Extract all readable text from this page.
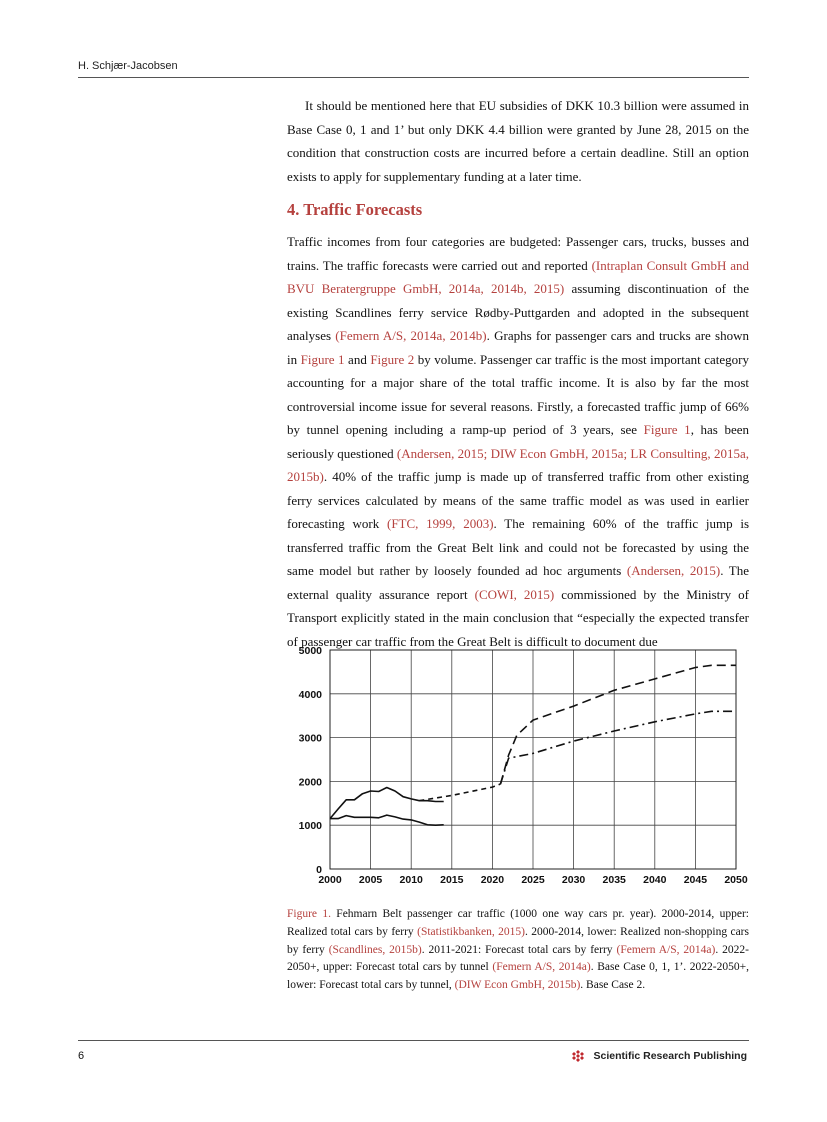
H. Schjær-Jacobsen

It should be mentioned here that EU subsidies of DKK 10.3 billion were assumed in Base Case 0, 1 and 1’ but only DKK 4.4 billion were granted by June 28, 2015 on the condition that construction costs are incurred before a certain deadline. Still an option exists to apply for supplementary funding at a later time.

4. Traffic Forecasts

Traffic incomes from four categories are budgeted: Passenger cars, trucks, busses and trains. The traffic forecasts were carried out and reported (Intraplan Consult GmbH and BVU Beratergruppe GmbH, 2014a, 2014b, 2015) assuming discontinuation of the existing Scandlines ferry service Rødby-Puttgarden and adopted in the subsequent analyses (Femern A/S, 2014a, 2014b). Graphs for passenger cars and trucks are shown in Figure 1 and Figure 2 by volume. Passenger car traffic is the most important category accounting for a major share of the total traffic income. It is also by far the most controversial income issue for several reasons. Firstly, a forecasted traffic jump of 66% by tunnel opening including a ramp-up period of 3 years, see Figure 1, has been seriously questioned (Andersen, 2015; DIW Econ GmbH, 2015a; LR Consulting, 2015a, 2015b). 40% of the traffic jump is made up of transferred traffic from other existing ferry services calculated by means of the same traffic model as was used in earlier forecasting work (FTC, 1999, 2003). The remaining 60% of the traffic jump is transferred traffic from the Great Belt link and could not be forecasted by using the same model but rather by loosely founded ad hoc arguments (Andersen, 2015). The external quality assurance report (COWI, 2015) commissioned by the Ministry of Transport explicitly stated in the main conclusion that “especially the expected transfer of passenger car traffic from the Great Belt is difficult to document due

2000 2005 2010 2015 2020 2025 2030 2035 2040 2045 2050
0
1000
2000
3000
4000
5000
Figure 1. Fehmarn Belt passenger car traffic (1000 one way cars pr. year). 2000-2014, upper: Realized total cars by ferry (Statistikbanken, 2015). 2000-2014, lower: Realized non-shopping cars by ferry (Scandlines, 2015b). 2011-2021: Forecast total cars by ferry (Femern A/S, 2014a). 2022-2050+, upper: Forecast total cars by tunnel (Femern A/S, 2014a). Base Case 0, 1, 1’. 2022-2050+, lower: Forecast total cars by tunnel, (DIW Econ GmbH, 2015b). Base Case 2.
6	Scientific Research Publishing
